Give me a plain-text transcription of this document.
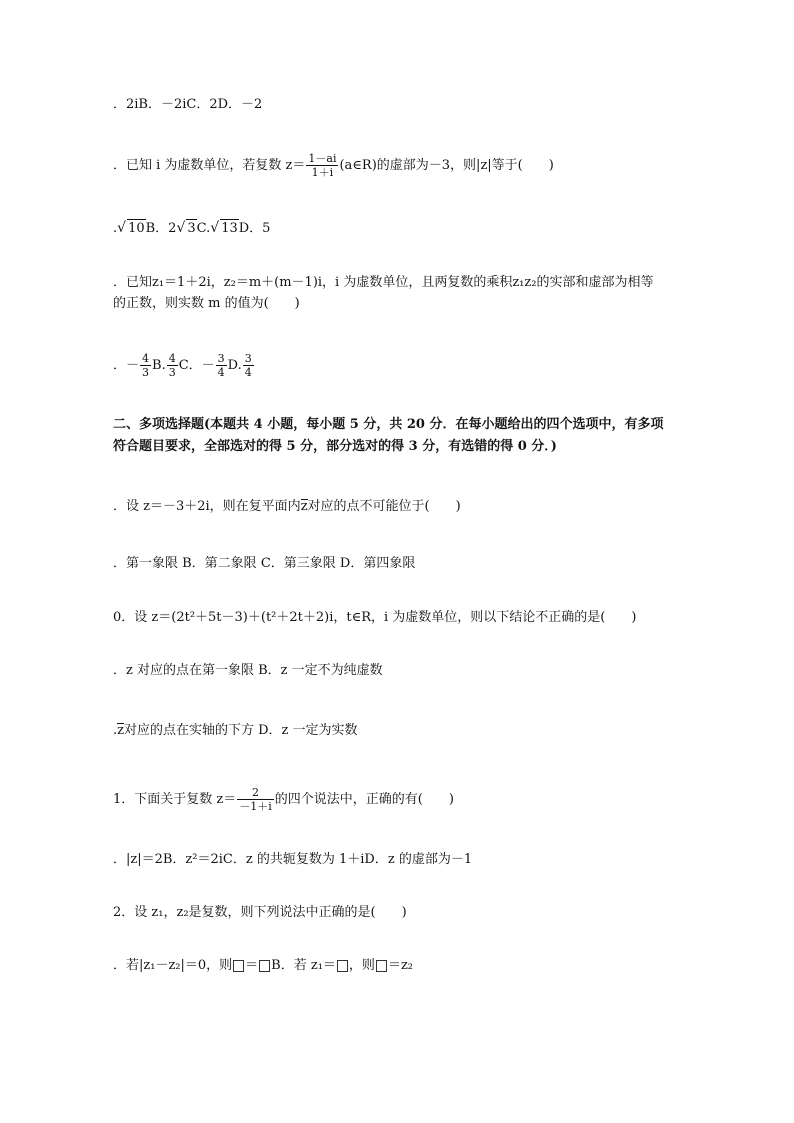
．2iB．－2iC．2D．－2
．已知 i 为虚数单位，若复数 $z= \frac{1-ai}{1+i}$ (a∈R)的虚部为－3，则|z|等于(　　)
.√ 10B．2√ 3C.√ 13D．5
．已知z₁＝1＋2i，z₂＝m＋(m－1)i，i 为虚数单位，且两复数的乘积z₁z₂的实部和虚部为相等
的正数，则实数 m 的值为(　　)
．－ $\frac{4}{3} B$. $\frac{4}{3}$ C．－ $\frac{3}{4} D$. $\frac{3}{4}$
二、多项选择题(本题共 4 小题，每小题 5 分，共 20 分．在每小题给出的四个选项中，有多项
符合题目要求，全部选对的得 5 分，部分选对的得 3 分，有选错的得 0 分．)
．设 z＝－3＋2i，则在复平面内z对应的点不可能位于(　　)
．第一象限 B．第二象限 C．第三象限 D．第四象限
0．设 z＝(2t²＋5t－3)＋(t²＋2t＋2)i，t∈R，i 为虚数单位，则以下结论不正确的是(　　)
．z 对应的点在第一象限 B．z 一定不为纯虚数
.z对应的点在实轴的下方 D．z 一定为实数
1．下面关于复数 $z= \frac{2}{-1+i}$ 的四个说法中，正确的有(　　)
．|z|＝2B．z²＝2iC．z 的共轭复数为 1＋iD．z 的虚部为－1
2．设 z₁，z₂是复数，则下列说法中正确的是(　　)
．若|z₁－z₂|＝0，则 ＝ B．若 z₁＝ ，则 ＝z₂
